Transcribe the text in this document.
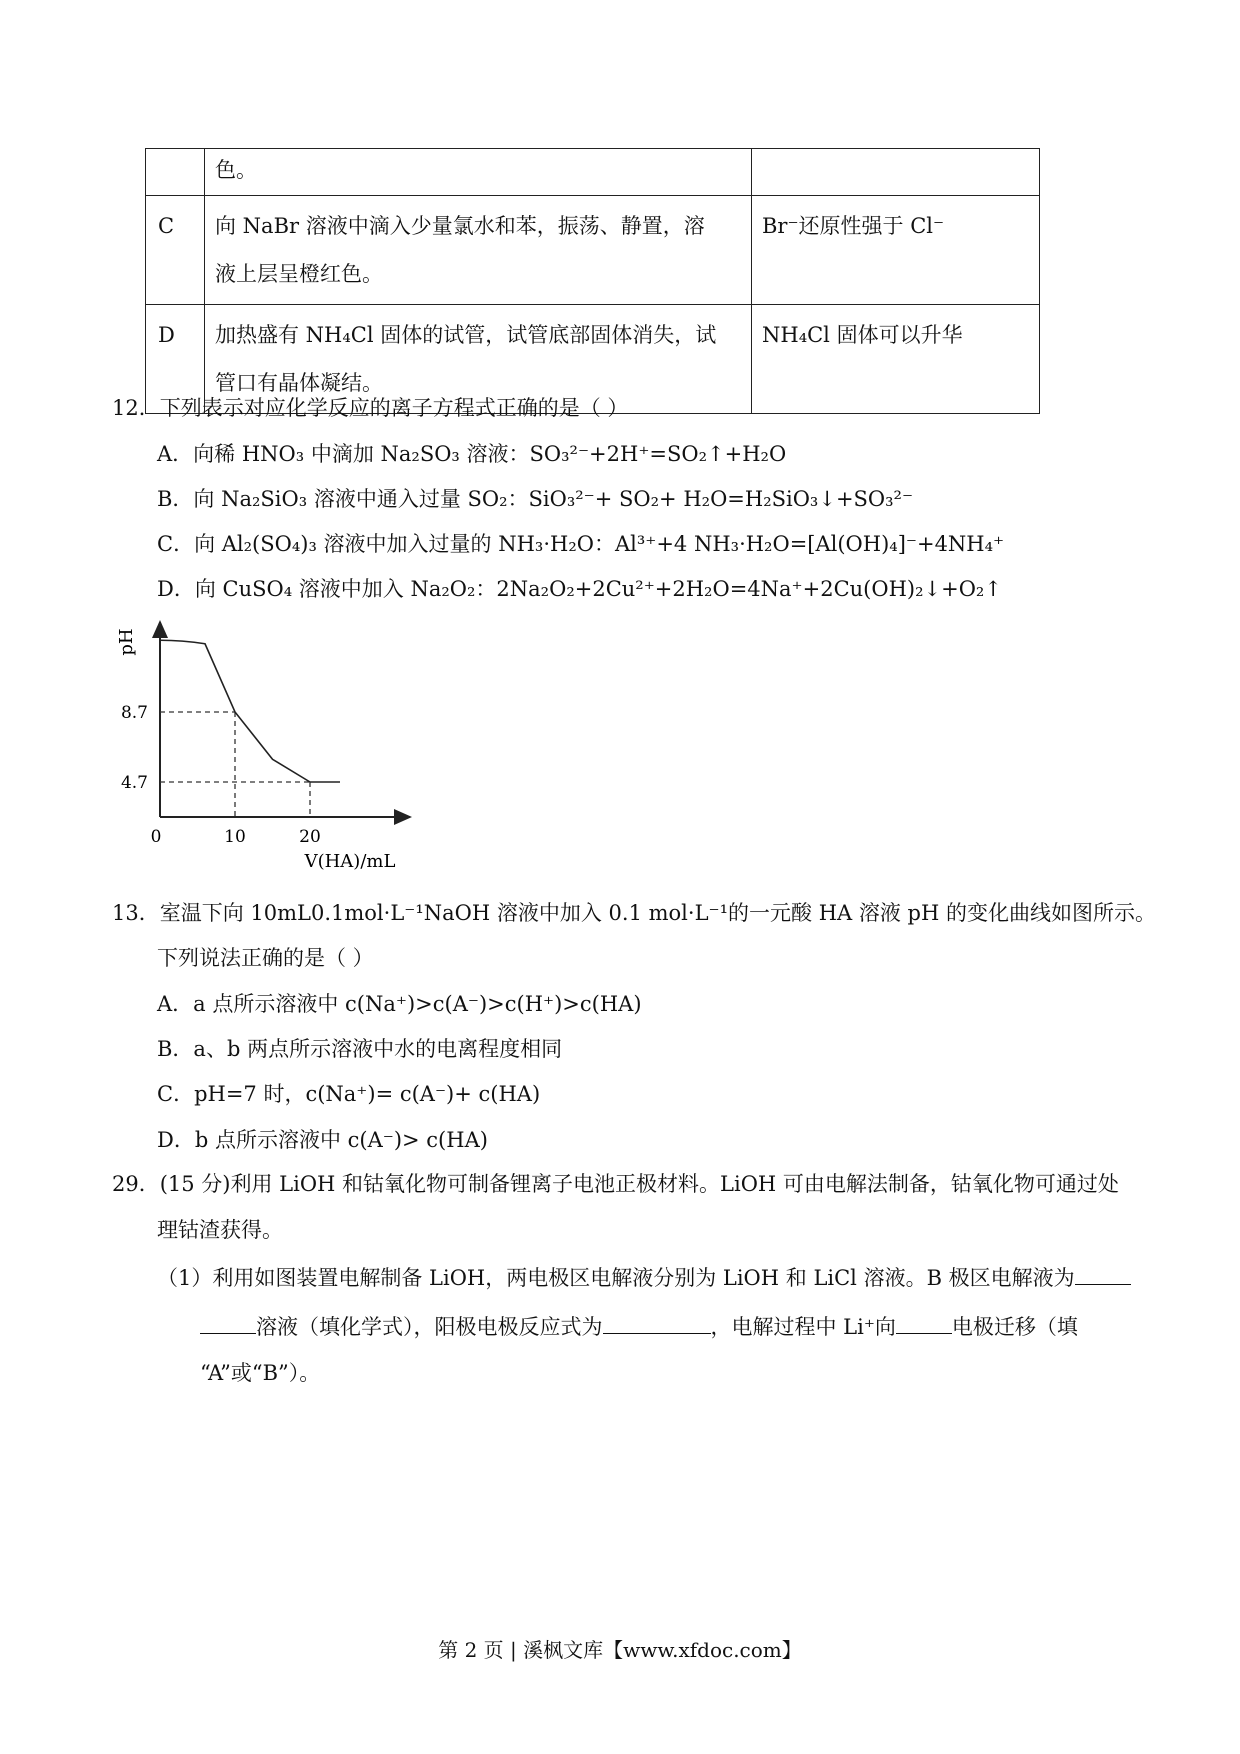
	色。	
C	向 NaBr 溶液中滴入少量氯水和苯，振荡、静置，溶
液上层呈橙红色。	Br⁻还原性强于 Cl⁻
D	加热盛有 NH₄Cl 固体的试管，试管底部固体消失，试
管口有晶体凝结。	NH₄Cl 固体可以升华
12．下列表示对应化学反应的离子方程式正确的是（ ）
A．向稀 HNO₃ 中滴加 Na₂SO₃ 溶液：SO₃²⁻+2H⁺=SO₂↑+H₂O
B．向 Na₂SiO₃ 溶液中通入过量 SO₂：SiO₃²⁻+ SO₂+ H₂O=H₂SiO₃↓+SO₃²⁻
C．向 Al₂(SO₄)₃ 溶液中加入过量的 NH₃·H₂O：Al³⁺+4 NH₃·H₂O=[Al(OH)₄]⁻+4NH₄⁺
D．向 CuSO₄ 溶液中加入 Na₂O₂：2Na₂O₂+2Cu²⁺+2H₂O=4Na⁺+2Cu(OH)₂↓+O₂↑
8.7
4.7
0	10	20
pH
V(HA)/mL
13．室温下向 10mL0.1mol·L⁻¹NaOH 溶液中加入 0.1 mol·L⁻¹的一元酸 HA 溶液 pH 的变化曲线如图所示。
下列说法正确的是（ ）
A．a 点所示溶液中 c(Na⁺)>c(A⁻)>c(H⁺)>c(HA)
B．a、b 两点所示溶液中水的电离程度相同
C．pH=7 时，c(Na⁺)= c(A⁻)+ c(HA)
D．b 点所示溶液中 c(A⁻)> c(HA)
29．(15 分)利用 LiOH 和钴氧化物可制备锂离子电池正极材料。LiOH 可由电解法制备，钴氧化物可通过处
理钴渣获得。
（1）利用如图装置电解制备 LiOH，两电极区电解液分别为 LiOH 和 LiCl 溶液。B 极区电解液为
溶液（填化学式），阳极电极反应式为	，电解过程中 Li⁺向	电极迁移（填
“A”或“B”）。
第 2 页 | 溪枫文库【www.xfdoc.com】
